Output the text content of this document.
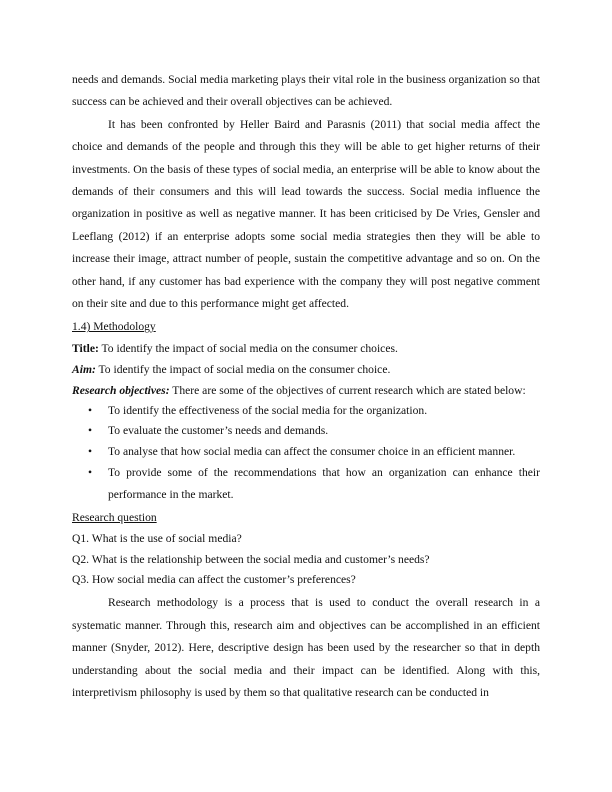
needs and demands. Social media marketing plays their vital role in the business organization so that success can be achieved and their overall objectives can be achieved.

It has been confronted by Heller Baird and Parasnis (2011) that social media affect the choice and demands of the people and through this they will be able to get higher returns of their investments. On the basis of these types of social media, an enterprise will be able to know about the demands of their consumers and this will lead towards the success. Social media influence the organization in positive as well as negative manner. It has been criticised by De Vries, Gensler and Leeflang (2012) if an enterprise adopts some social media strategies then they will be able to increase their image, attract number of people, sustain the competitive advantage and so on. On the other hand, if any customer has bad experience with the company they will post negative comment on their site and due to this performance might get affected.

1.4) Methodology

Title: To identify the impact of social media on the consumer choices.

Aim: To identify the impact of social media on the consumer choice.

Research objectives: There are some of the objectives of current research which are stated below:

• To identify the effectiveness of the social media for the organization.
• To evaluate the customer’s needs and demands.
• To analyse that how social media can affect the consumer choice in an efficient manner.
• To provide some of the recommendations that how an organization can enhance their performance in the market.

Research question

Q1. What is the use of social media?

Q2. What is the relationship between the social media and customer’s needs?

Q3. How social media can affect the customer’s preferences?

Research methodology is a process that is used to conduct the overall research in a systematic manner. Through this, research aim and objectives can be accomplished in an efficient manner (Snyder, 2012). Here, descriptive design has been used by the researcher so that in depth understanding about the social media and their impact can be identified. Along with this, interpretivism philosophy is used by them so that qualitative research can be conducted in
